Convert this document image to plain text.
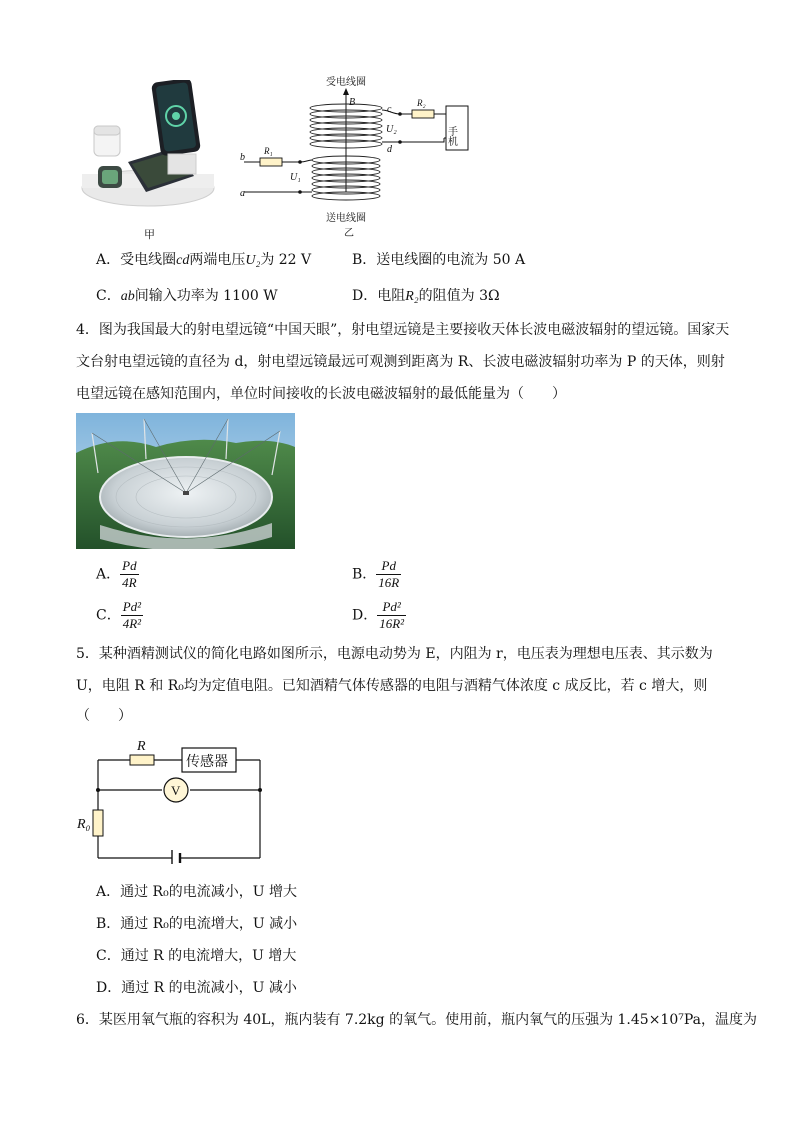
甲
受电线圈
送电线圈
乙
B
c
d
U₂
R₂
手机
R₁
b
a
U₁
A．受电线圈cd两端电压U₂为 22 V	B．送电线圈的电流为 50 A
C．ab间输入功率为 1100 W	D．电阻R₂的阻值为 3Ω
4．图为我国最大的射电望远镜“中国天眼”，射电望远镜是主要接收天体长波电磁波辐射的望远镜。国家天
文台射电望远镜的直径为 d，射电望远镜最远可观测到距离为 R、长波电磁波辐射功率为 P 的天体，则射
电望远镜在感知范围内，单位时间接收的长波电磁波辐射的最低能量为（　　）
A． $\frac{Pd}{4R}$	B． $\frac{Pd}{16R}$
C． $\frac{\text{Pd²}}{\text{4R²}}$	D． $\frac{\text{Pd²}}{\text{16R²}}$
5．某种酒精测试仪的简化电路如图所示，电源电动势为 E，内阻为 r，电压表为理想电压表、其示数为
U，电阻 R 和 R₀均为定值电阻。已知酒精气体传感器的电阻与酒精气体浓度 c 成反比，若 c 增大，则
（　　）
R
传感器
V
R₀
A．通过 R₀的电流减小，U 增大
B．通过 R₀的电流增大，U 减小
C．通过 R 的电流增大，U 增大
D．通过 R 的电流减小，U 减小
6．某医用氧气瓶的容积为 40L，瓶内装有 7.2kg 的氧气。使用前，瓶内氧气的压强为 1.45×10⁷Pa，温度为
